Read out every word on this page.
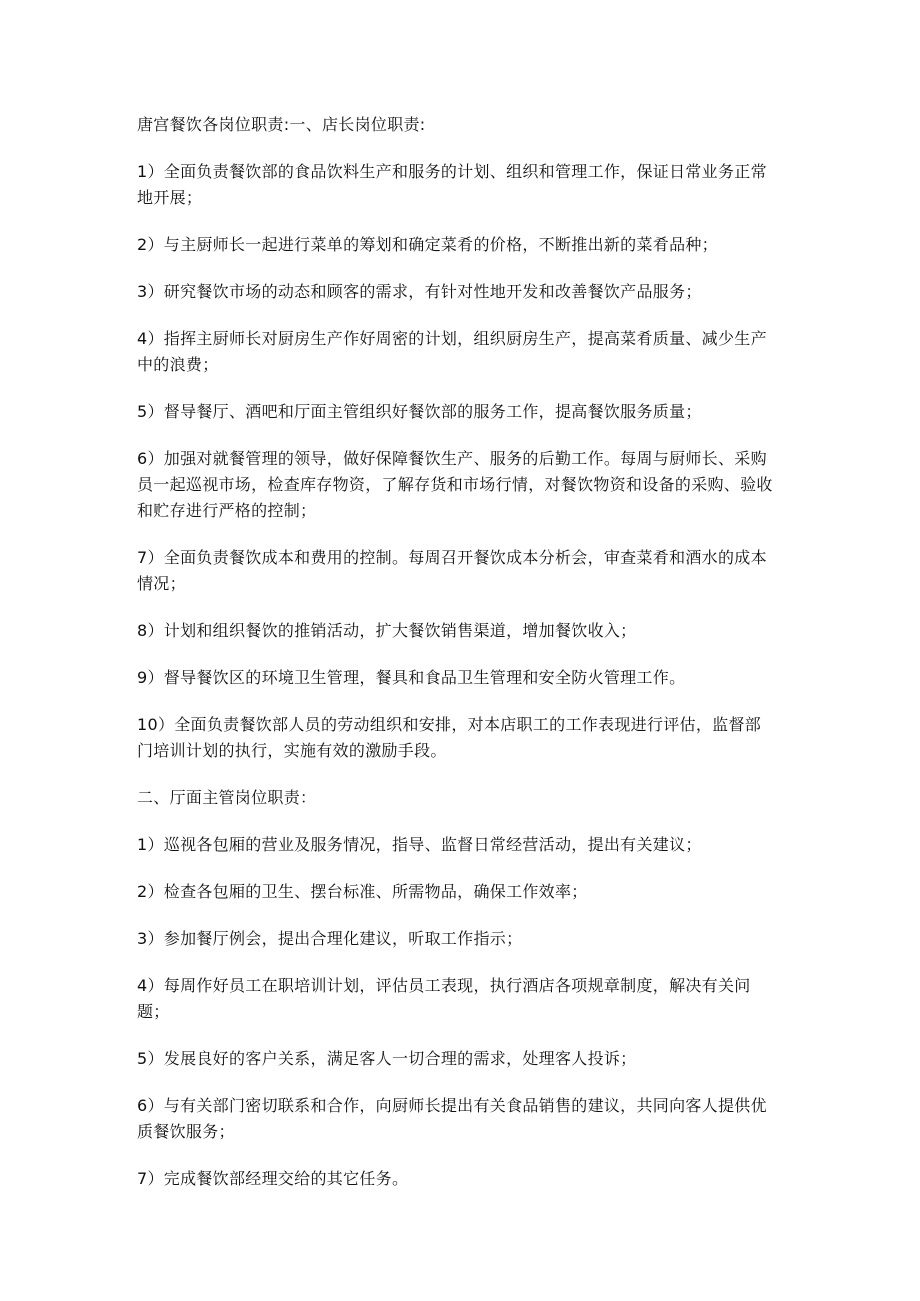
唐宫餐饮各岗位职责:一、店长岗位职责:

1）全面负责餐饮部的食品饮料生产和服务的计划、组织和管理工作，保证日常业务正常地开展；

2）与主厨师长一起进行菜单的筹划和确定菜肴的价格，不断推出新的菜肴品种；

3）研究餐饮市场的动态和顾客的需求，有针对性地开发和改善餐饮产品服务；

4）指挥主厨师长对厨房生产作好周密的计划，组织厨房生产，提高菜肴质量、减少生产中的浪费；

5）督导餐厅、酒吧和厅面主管组织好餐饮部的服务工作，提高餐饮服务质量；

6）加强对就餐管理的领导，做好保障餐饮生产、服务的后勤工作。每周与厨师长、采购员一起巡视市场，检查库存物资，了解存货和市场行情，对餐饮物资和设备的采购、验收和贮存进行严格的控制；

7）全面负责餐饮成本和费用的控制。每周召开餐饮成本分析会，审查菜肴和酒水的成本情况；

8）计划和组织餐饮的推销活动，扩大餐饮销售渠道，增加餐饮收入；

9）督导餐饮区的环境卫生管理，餐具和食品卫生管理和安全防火管理工作。

10）全面负责餐饮部人员的劳动组织和安排，对本店职工的工作表现进行评估，监督部门培训计划的执行，实施有效的激励手段。

二、厅面主管岗位职责：

1）巡视各包厢的营业及服务情况，指导、监督日常经营活动，提出有关建议；

2）检查各包厢的卫生、摆台标准、所需物品，确保工作效率；

3）参加餐厅例会，提出合理化建议，听取工作指示；

4）每周作好员工在职培训计划，评估员工表现，执行酒店各项规章制度，解决有关问题；

5）发展良好的客户关系，满足客人一切合理的需求，处理客人投诉；

6）与有关部门密切联系和合作，向厨师长提出有关食品销售的建议，共同向客人提供优质餐饮服务；

7）完成餐饮部经理交给的其它任务。
